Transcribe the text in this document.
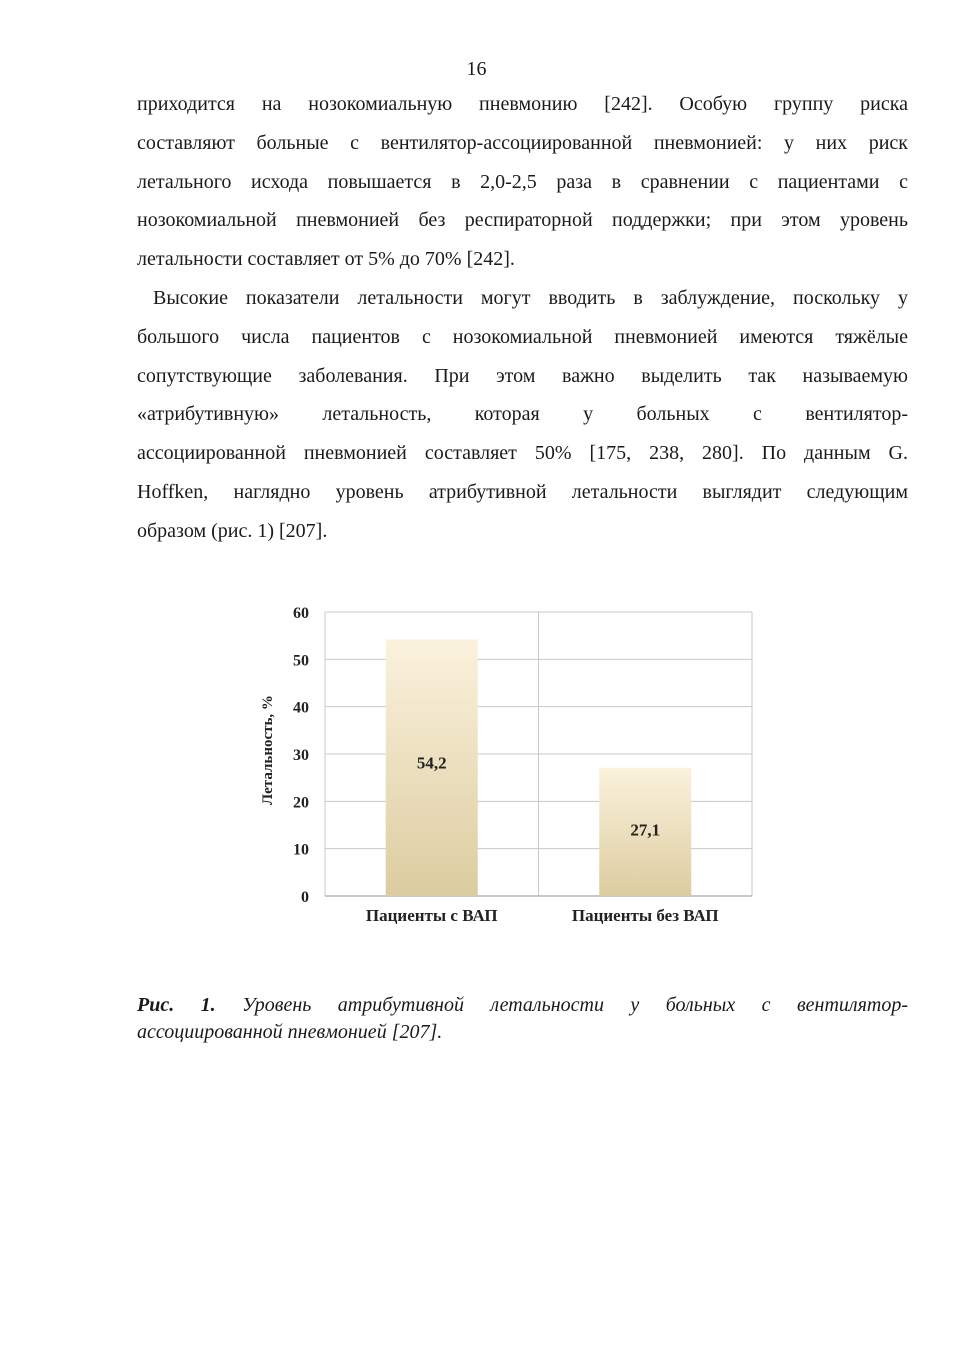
16
приходится на нозокомиальную пневмонию [242]. Особую группу риска
составляют больные с вентилятор-ассоциированной пневмонией: у них риск
летального исхода повышается в 2,0-2,5 раза в сравнении с пациентами с
нозокомиальной пневмонией без респираторной поддержки; при этом уровень
летальности составляет от 5% до 70% [242].
Высокие показатели летальности могут вводить в заблуждение, поскольку у
большого числа пациентов с нозокомиальной пневмонией имеются тяжёлые
сопутствующие заболевания. При этом важно выделить так называемую
«атрибутивную» летальность, которая у больных с вентилятор-
ассоциированной пневмонией составляет 50% [175, 238, 280]. По данным G.
Hoffken, наглядно уровень атрибутивной летальности выглядит следующим
образом (рис. 1) [207].
54,2
27,1
0
10
20
30
40
50
60
Пациенты с ВАП	Пациенты без ВАП
Летальность, %

Рис. 1. Уровень атрибутивной летальности у больных с вентилятор-
ассоциированной пневмонией [207].
